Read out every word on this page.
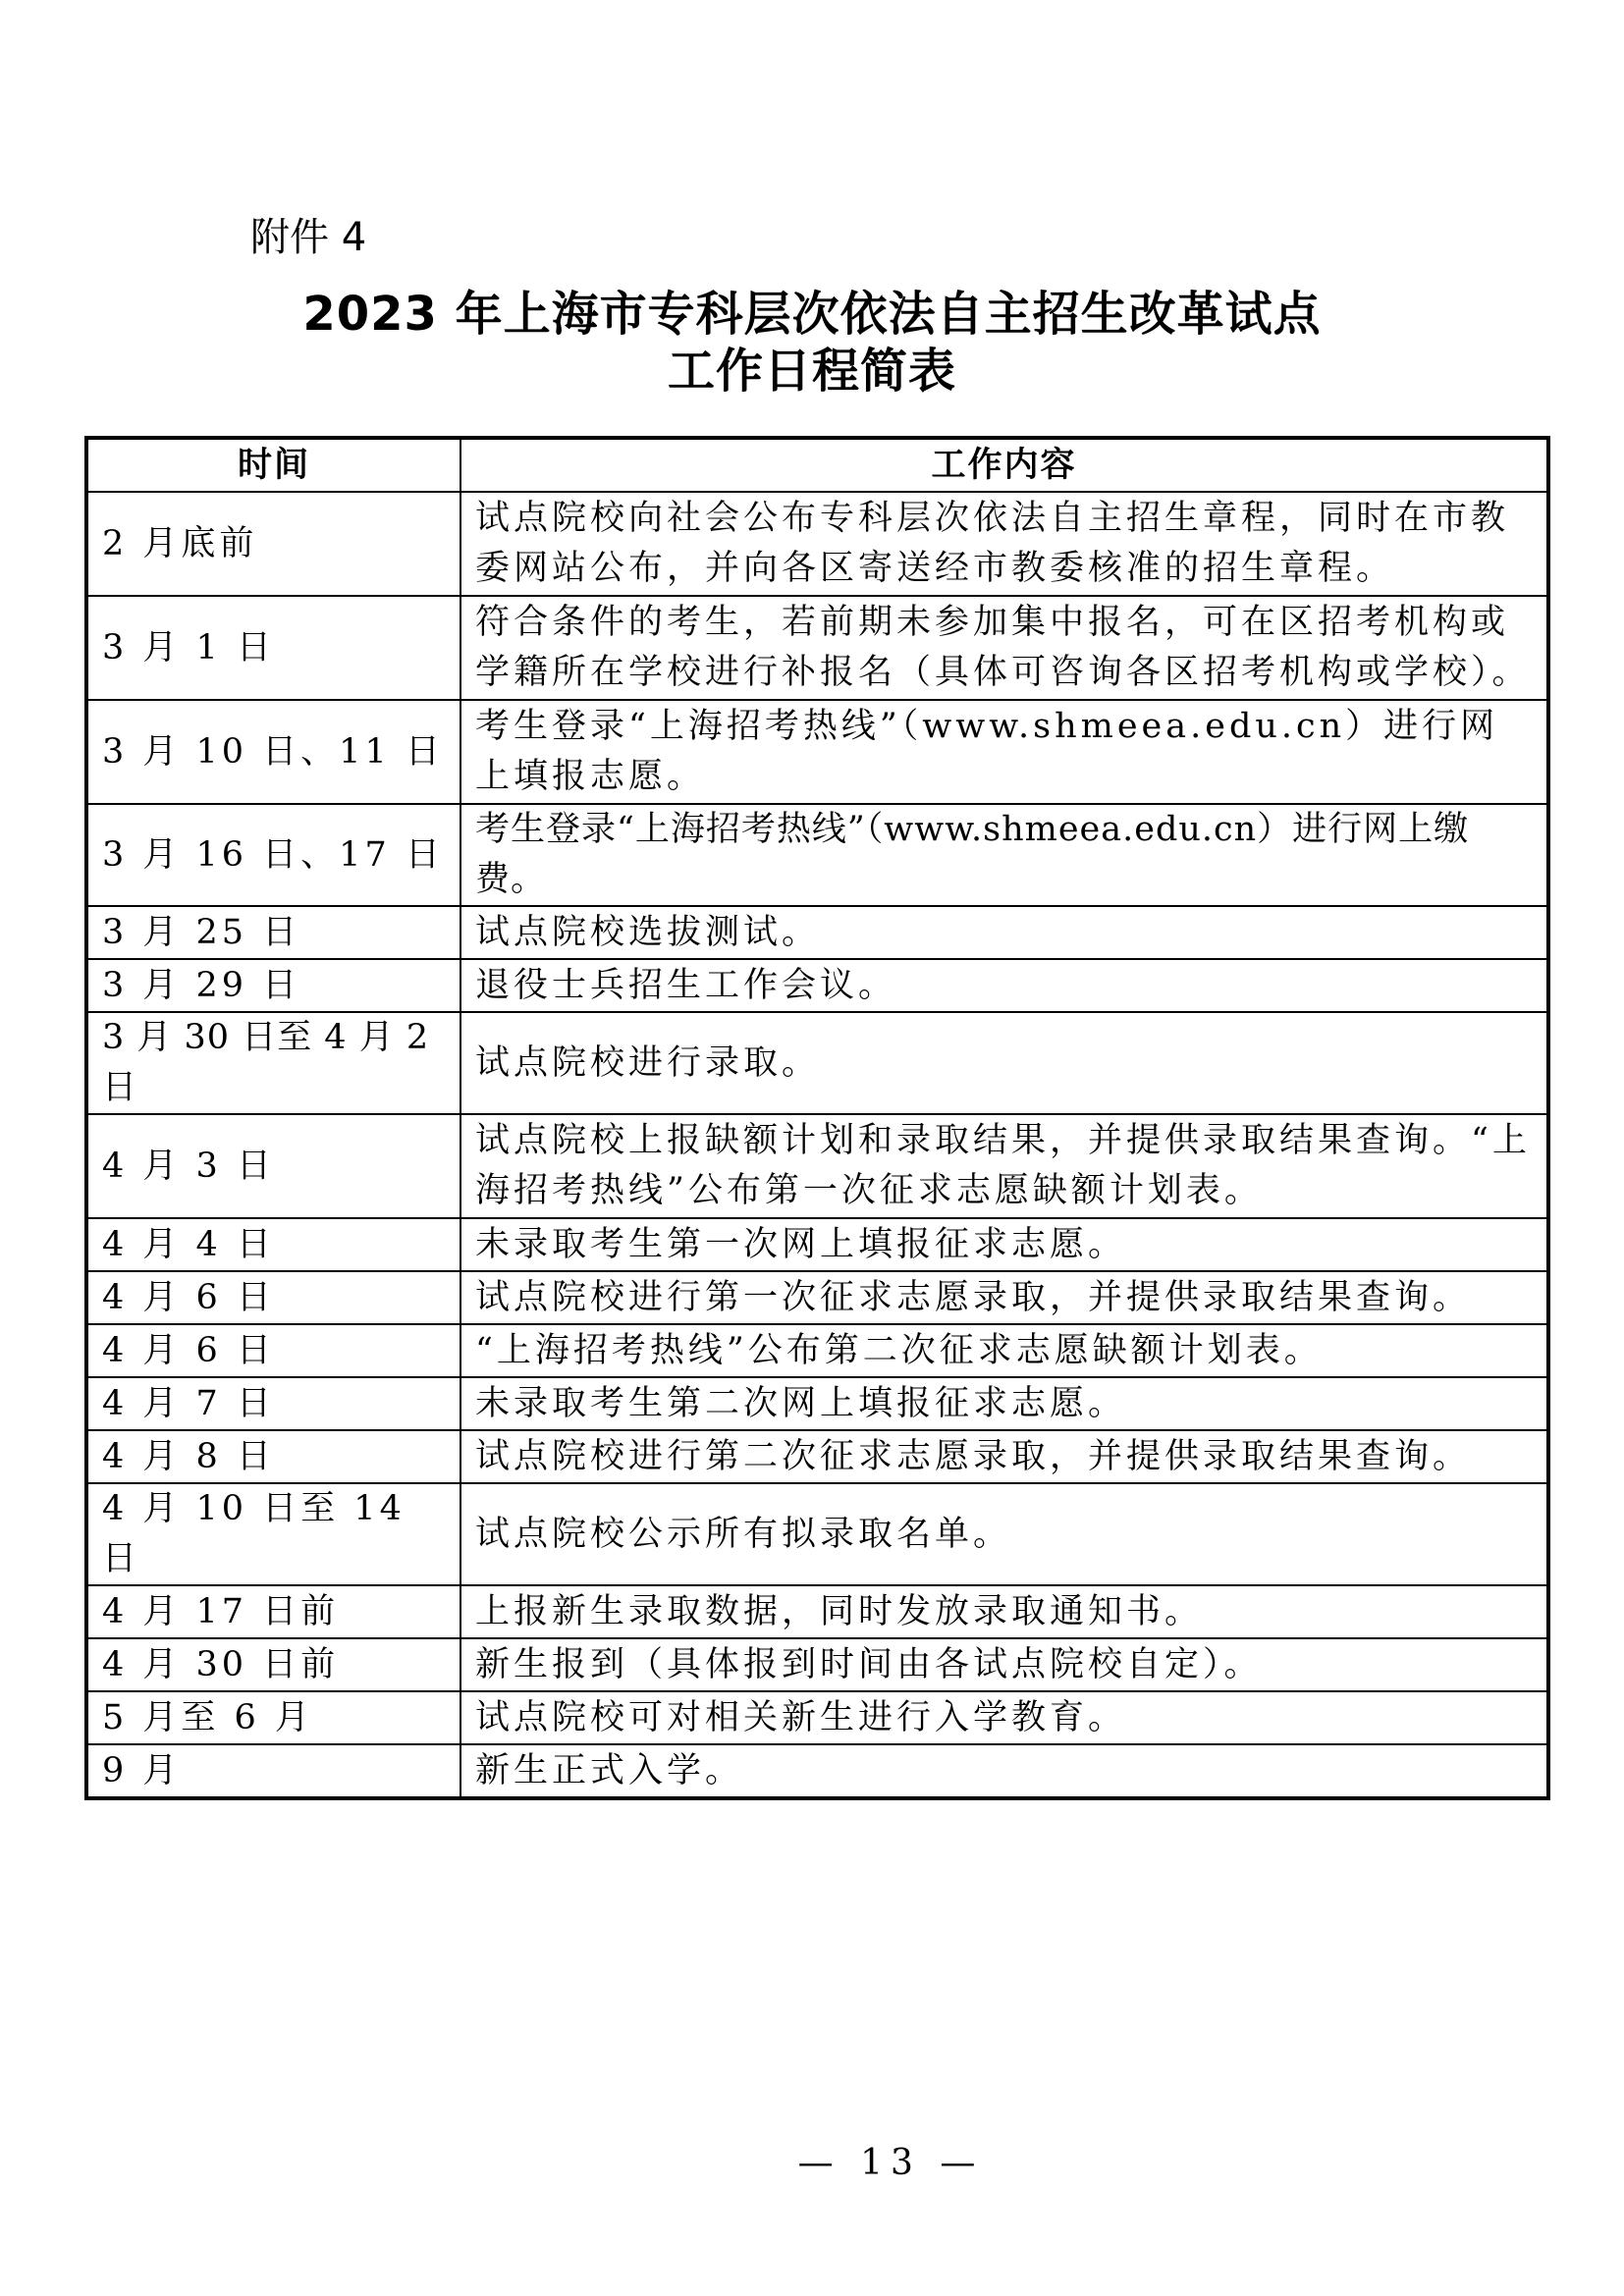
附件 4
2023 年上海市专科层次依法自主招生改革试点
工作日程简表
时间	工作内容
2 月底前	试点院校向社会公布专科层次依法自主招生章程，同时在市教委网站公布，并向各区寄送经市教委核准的招生章程。
3 月 1 日	符合条件的考生，若前期未参加集中报名，可在区招考机构或学籍所在学校进行补报名（具体可咨询各区招考机构或学校）。
3 月 10 日、11 日	考生登录“上海招考热线”（www.shmeea.edu.cn）进行网上填报志愿。
3 月 16 日、17 日	考生登录“上海招考热线”（www.shmeea.edu.cn）进行网上缴费。
3 月 25 日	试点院校选拔测试。
3 月 29 日	退役士兵招生工作会议。
3 月 30 日至 4 月 2 日	试点院校进行录取。
4 月 3 日	试点院校上报缺额计划和录取结果，并提供录取结果查询。“上海招考热线”公布第一次征求志愿缺额计划表。
4 月 4 日	未录取考生第一次网上填报征求志愿。
4 月 6 日	试点院校进行第一次征求志愿录取，并提供录取结果查询。
4 月 6 日	“上海招考热线”公布第二次征求志愿缺额计划表。
4 月 7 日	未录取考生第二次网上填报征求志愿。
4 月 8 日	试点院校进行第二次征求志愿录取，并提供录取结果查询。
4 月 10 日至 14 日	试点院校公示所有拟录取名单。
4 月 17 日前	上报新生录取数据，同时发放录取通知书。
4 月 30 日前	新生报到（具体报到时间由各试点院校自定）。
5 月至 6 月	试点院校可对相关新生进行入学教育。
9 月	新生正式入学。
— 13 —
